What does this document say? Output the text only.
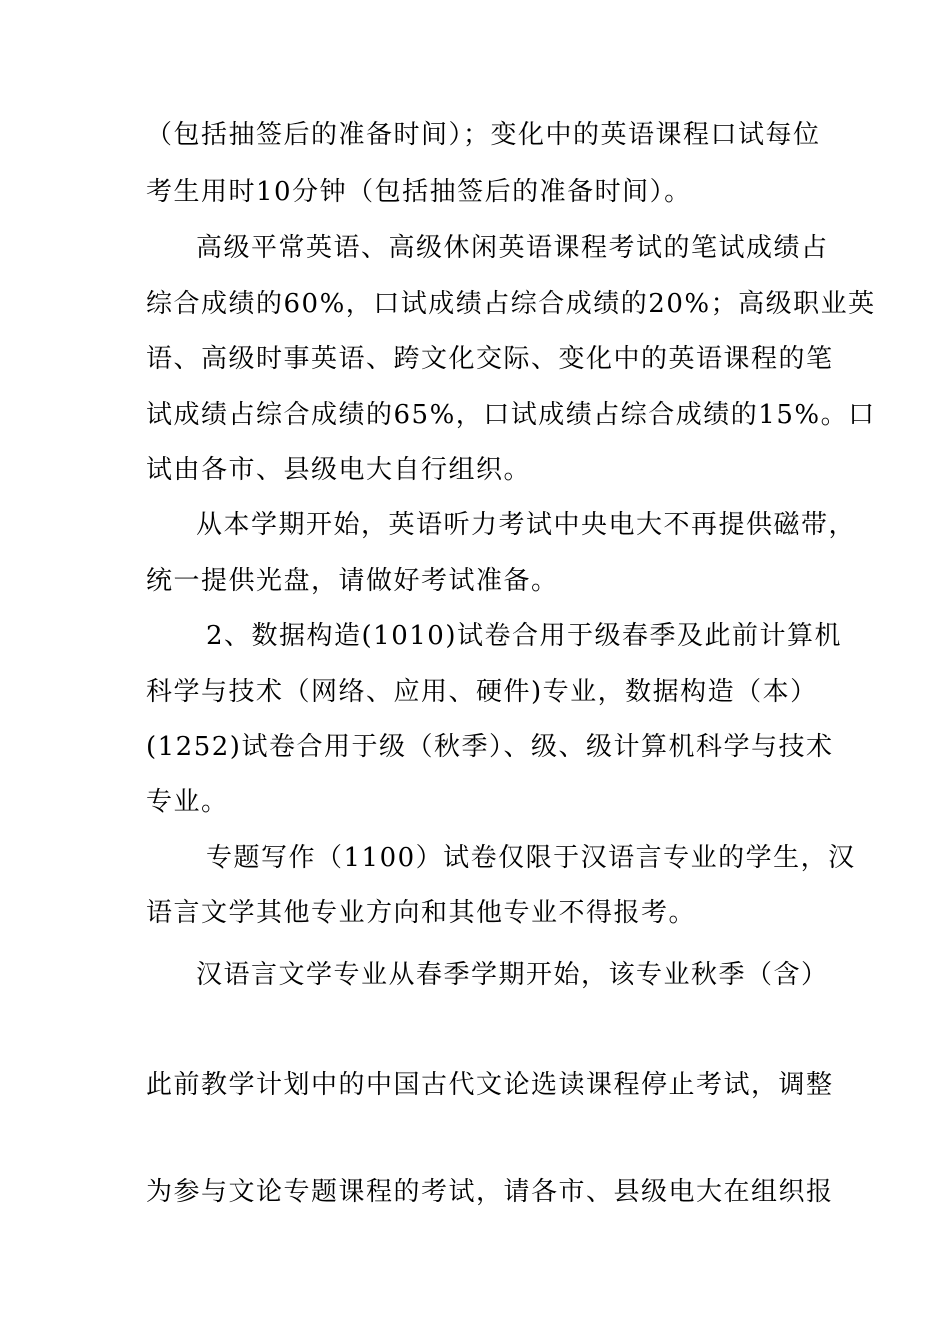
（包括抽签后的准备时间）；变化中的英语课程口试每位
考生用时10分钟（包括抽签后的准备时间）。
高级平常英语、高级休闲英语课程考试的笔试成绩占
综合成绩的60%，口试成绩占综合成绩的20%；高级职业英
语、高级时事英语、跨文化交际、变化中的英语课程的笔
试成绩占综合成绩的65%，口试成绩占综合成绩的15%。口
试由各市、县级电大自行组织。
从本学期开始，英语听力考试中央电大不再提供磁带，
统一提供光盘，请做好考试准备。
2、数据构造(1010)试卷合用于级春季及此前计算机
科学与技术（网络、应用、硬件)专业，数据构造（本）
(1252)试卷合用于级（秋季）、级、级计算机科学与技术
专业。
专题写作（1100）试卷仅限于汉语言专业的学生，汉
语言文学其他专业方向和其他专业不得报考。
汉语言文学专业从春季学期开始，该专业秋季（含）
此前教学计划中的中国古代文论选读课程停止考试，调整
为参与文论专题课程的考试，请各市、县级电大在组织报
